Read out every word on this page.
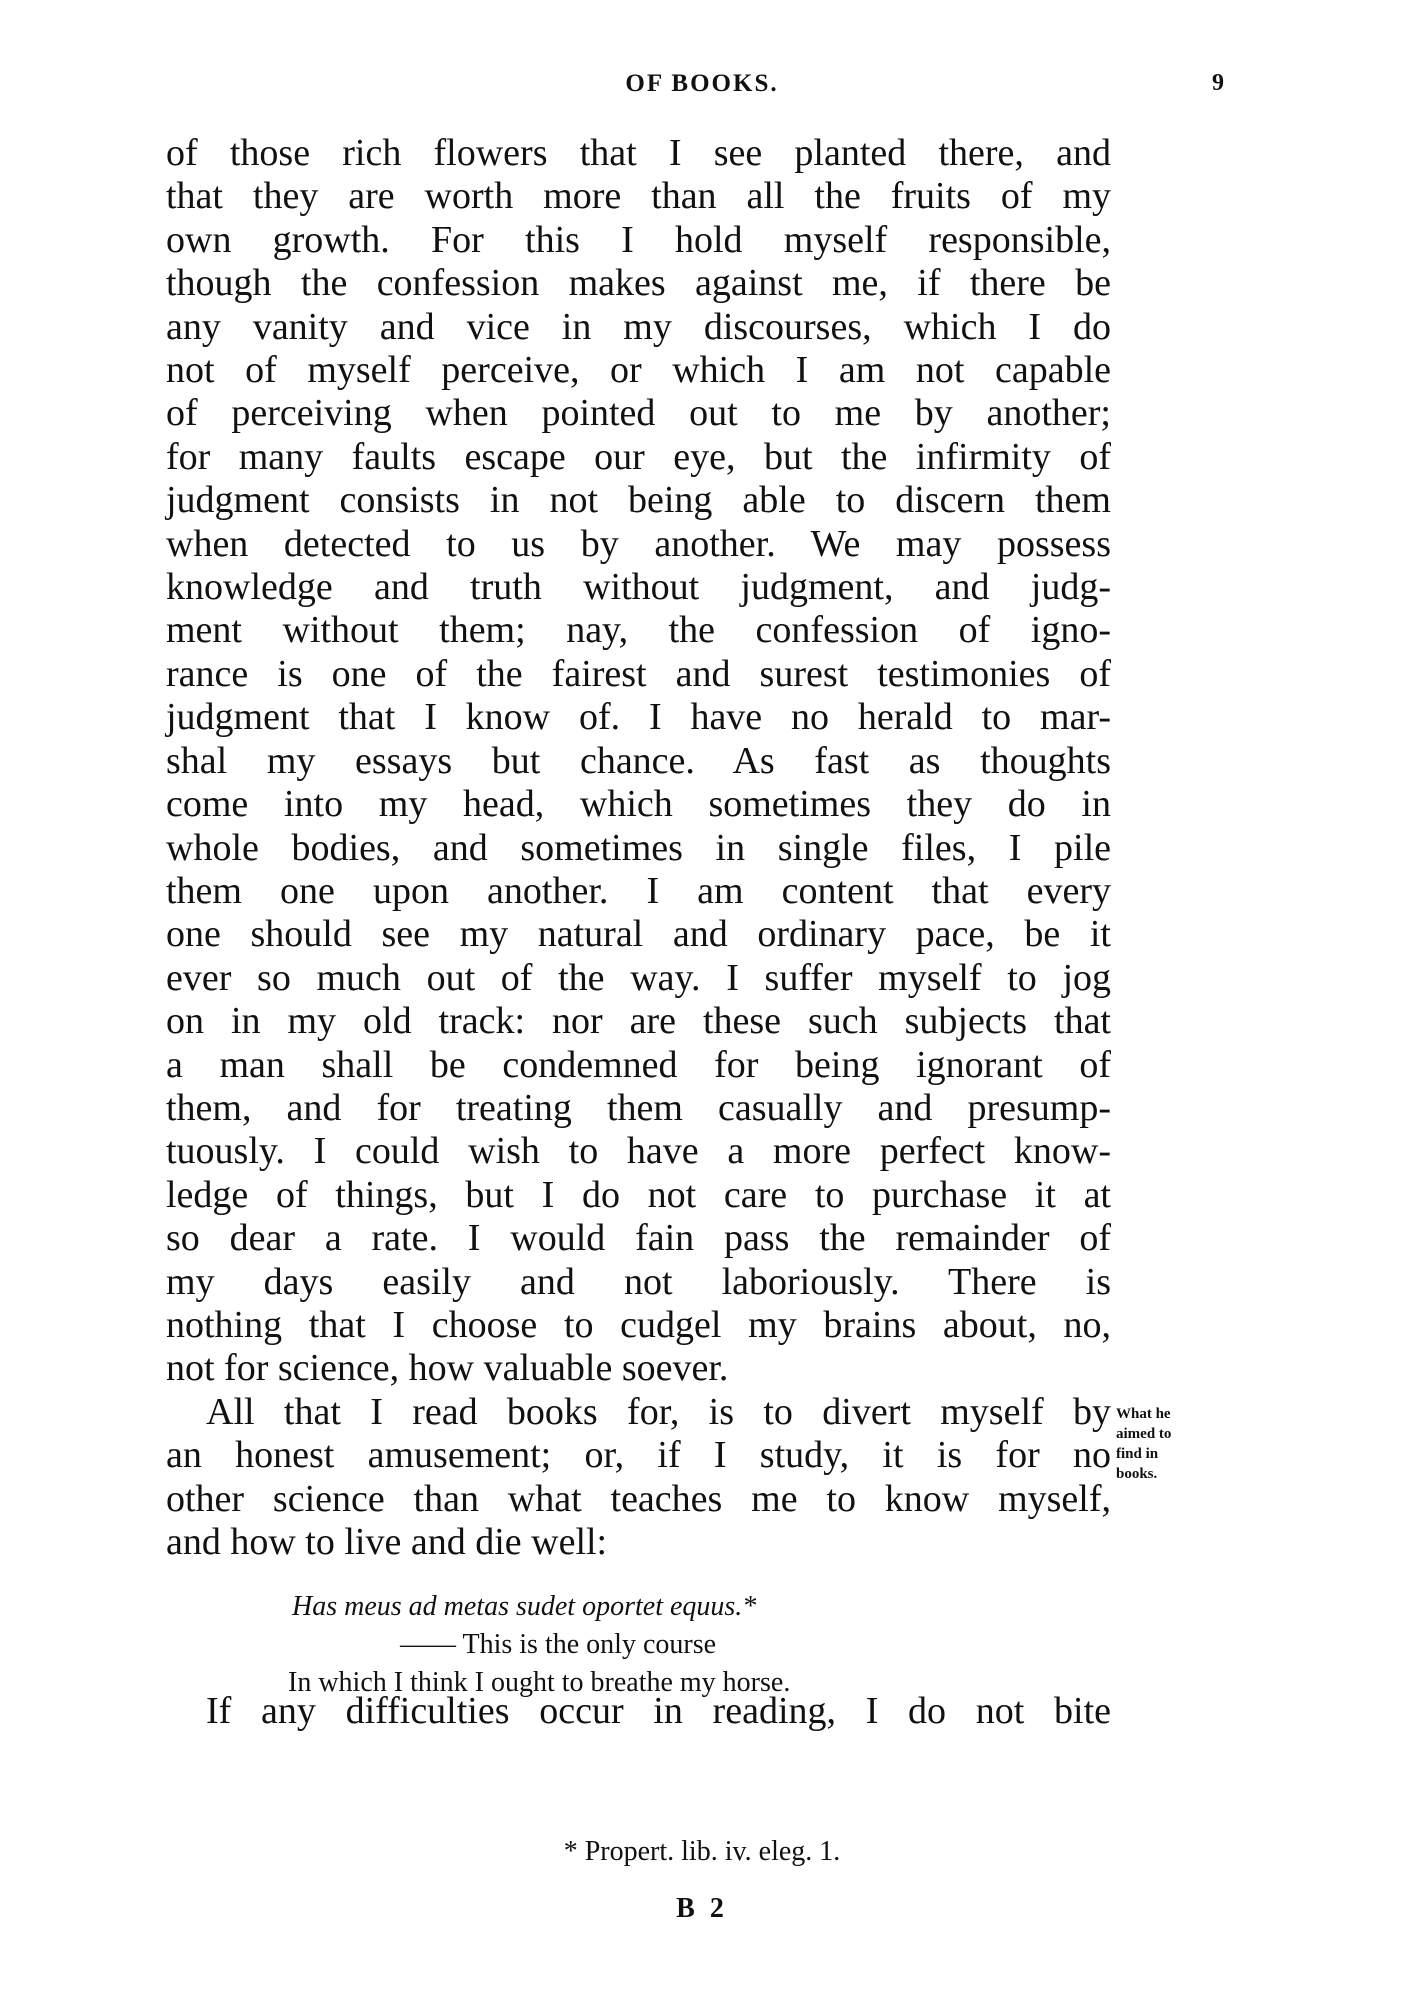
OF BOOKS.	9
of those rich flowers that I see planted there, and
that they are worth more than all the fruits of my
own growth. For this I hold myself responsible,
though the confession makes against me, if there be
any vanity and vice in my discourses, which I do
not of myself perceive, or which I am not capable
of perceiving when pointed out to me by another;
for many faults escape our eye, but the infirmity of
judgment consists in not being able to discern them
when detected to us by another. We may possess
knowledge and truth without judgment, and judg-
ment without them; nay, the confession of igno-
rance is one of the fairest and surest testimonies of
judgment that I know of. I have no herald to mar-
shal my essays but chance. As fast as thoughts
come into my head, which sometimes they do in
whole bodies, and sometimes in single files, I pile
them one upon another. I am content that every
one should see my natural and ordinary pace, be it
ever so much out of the way. I suffer myself to jog
on in my old track: nor are these such subjects that
a man shall be condemned for being ignorant of
them, and for treating them casually and presump-
tuously. I could wish to have a more perfect know-
ledge of things, but I do not care to purchase it at
so dear a rate. I would fain pass the remainder of
my days easily and not laboriously. There is
nothing that I choose to cudgel my brains about, no,
not for science, how valuable soever.
All that I read books for, is to divert myself by
an honest amusement; or, if I study, it is for no
other science than what teaches me to know myself,
and how to live and die well:
What he
aimed to
find in
books.
Has meus ad metas sudet oportet equus.*
—— This is the only course
In which I think I ought to breathe my horse.
If any difficulties occur in reading, I do not bite
* Propert. lib. iv. eleg. 1.
B 2
